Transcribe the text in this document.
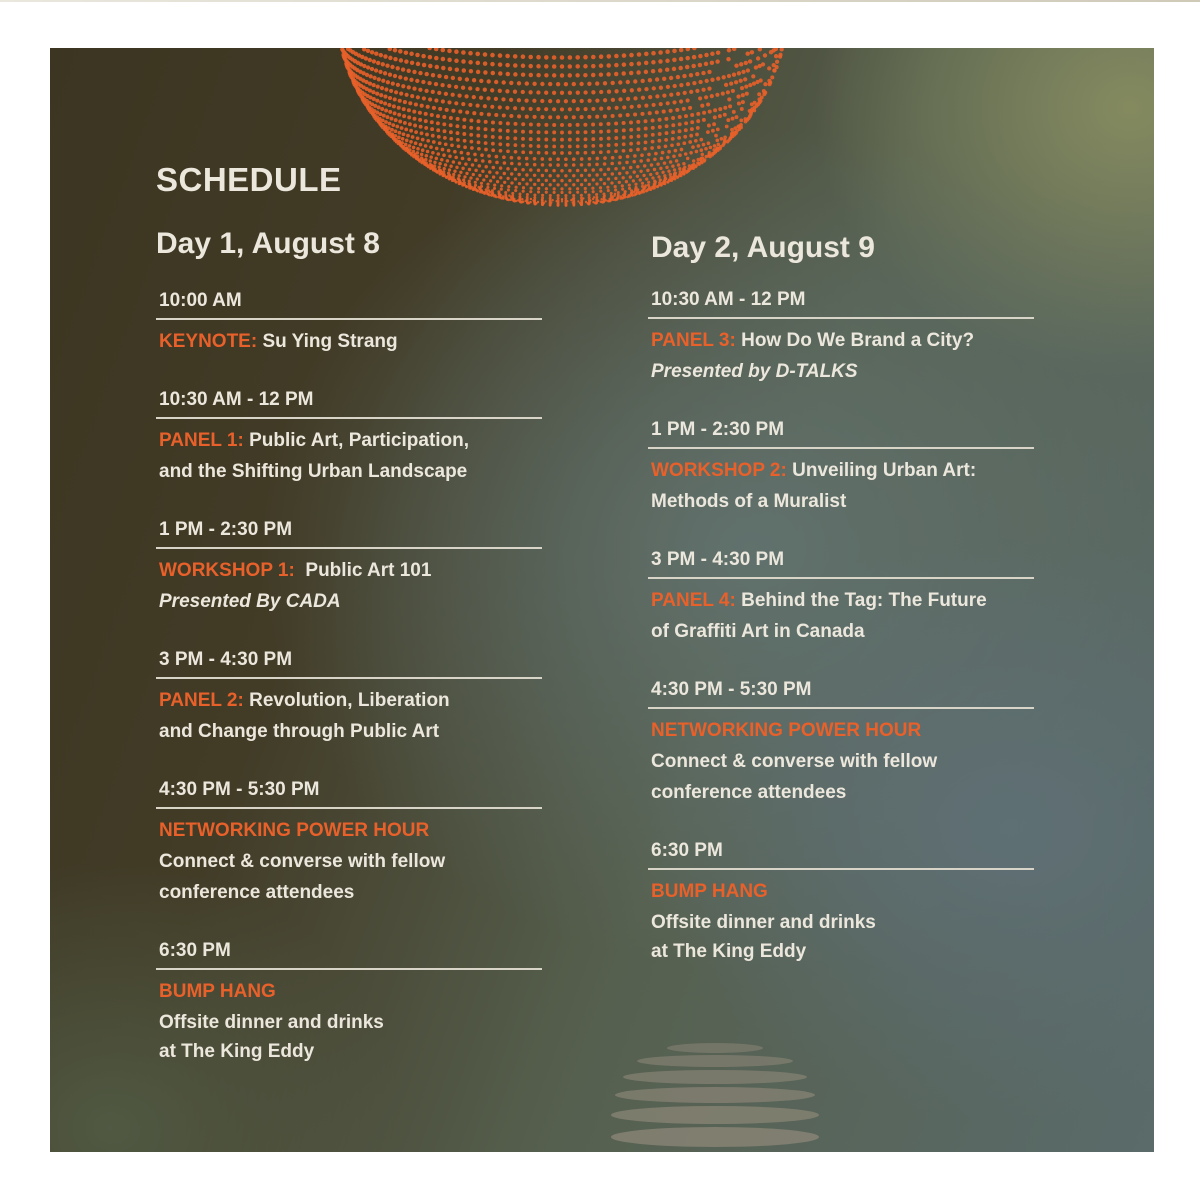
SCHEDULE
Day 1, August 8
10:00 AM
KEYNOTE: Su Ying Strang
10:30 AM - 12 PM
PANEL 1: Public Art, Participation,
and the Shifting Urban Landscape
1 PM - 2:30 PM
WORKSHOP 1: Public Art 101
Presented By CADA
3 PM - 4:30 PM
PANEL 2: Revolution, Liberation
and Change through Public Art
4:30 PM - 5:30 PM
NETWORKING POWER HOUR
Connect & converse with fellow
conference attendees
6:30 PM
BUMP HANG
Offsite dinner and drinks
at The King Eddy
Day 2, August 9
10:30 AM - 12 PM
PANEL 3: How Do We Brand a City?
Presented by D-TALKS
1 PM - 2:30 PM
WORKSHOP 2: Unveiling Urban Art:
Methods of a Muralist
3 PM - 4:30 PM
PANEL 4: Behind the Tag: The Future
of Graffiti Art in Canada
4:30 PM - 5:30 PM
NETWORKING POWER HOUR
Connect & converse with fellow
conference attendees
6:30 PM
BUMP HANG
Offsite dinner and drinks
at The King Eddy
